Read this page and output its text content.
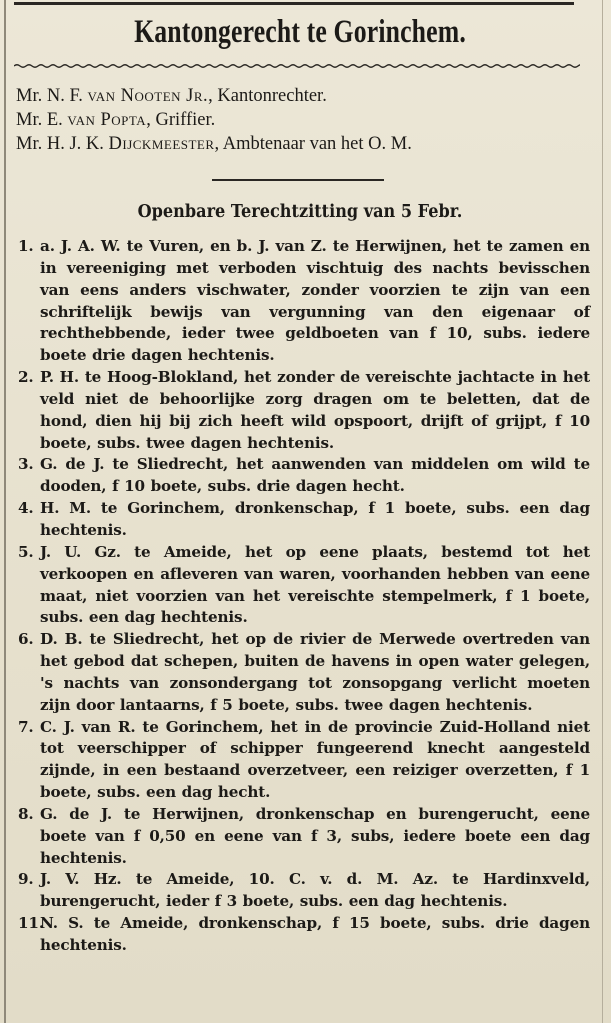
Kantongerecht te Gorinchem.
Mr. N. F. van Nooten Jr., Kantonrechter.
Mr. E. van Popta, Griffier.
Mr. H. J. K. Dijckmeester, Ambtenaar van het O. M.
Openbare Terechtzitting van 5 Febr.
1. a. J. A. W. te Vuren, en b. J. van Z. te Herwijnen, het te zamen en in vereeniging met verboden vischtuig des nachts bevisschen van eens anders vischwater, zonder voorzien te zijn van een schriftelijk bewijs van vergunning van den eigenaar of rechthebbende, ieder twee geldboeten van f 10, subs. iedere boete drie dagen hechtenis.
2. P. H. te Hoog-Blokland, het zonder de vereischte jachtacte in het veld niet de behoorlijke zorg dragen om te beletten, dat de hond, dien hij bij zich heeft wild opspoort, drijft of grijpt, f 10 boete, subs. twee dagen hechtenis.
3. G. de J. te Sliedrecht, het aanwenden van middelen om wild te dooden, f 10 boete, subs. drie dagen hecht.
4. H. M. te Gorinchem, dronkenschap, f 1 boete, subs. een dag hechtenis.
5. J. U. Gz. te Ameide, het op eene plaats, bestemd tot het verkoopen en afleveren van waren, voorhanden hebben van eene maat, niet voorzien van het vereischte stempelmerk, f 1 boete, subs. een dag hechtenis.
6. D. B. te Sliedrecht, het op de rivier de Merwede overtreden van het gebod dat schepen, buiten de havens in open water gelegen, 's nachts van zonsondergang tot zonsopgang verlicht moeten zijn door lantaarns, f 5 boete, subs. twee dagen hechtenis.
7. C. J. van R. te Gorinchem, het in de provincie Zuid-Holland niet tot veerschipper of schipper fungeerend knecht aangesteld zijnde, in een bestaand overzetveer, een reiziger overzetten, f 1 boete, subs. een dag hecht.
8. G. de J. te Herwijnen, dronkenschap en burengerucht, eene boete van f 0,50 en eene van f 3, subs, iedere boete een dag hechtenis.
9. J. V. Hz. te Ameide, 10. C. v. d. M. Az. te Hardinxveld, burengerucht, ieder f 3 boete, subs. een dag hechtenis.
11.
N. S. te Ameide, dronkenschap, f 15 boete, subs. drie dagen hechtenis.
